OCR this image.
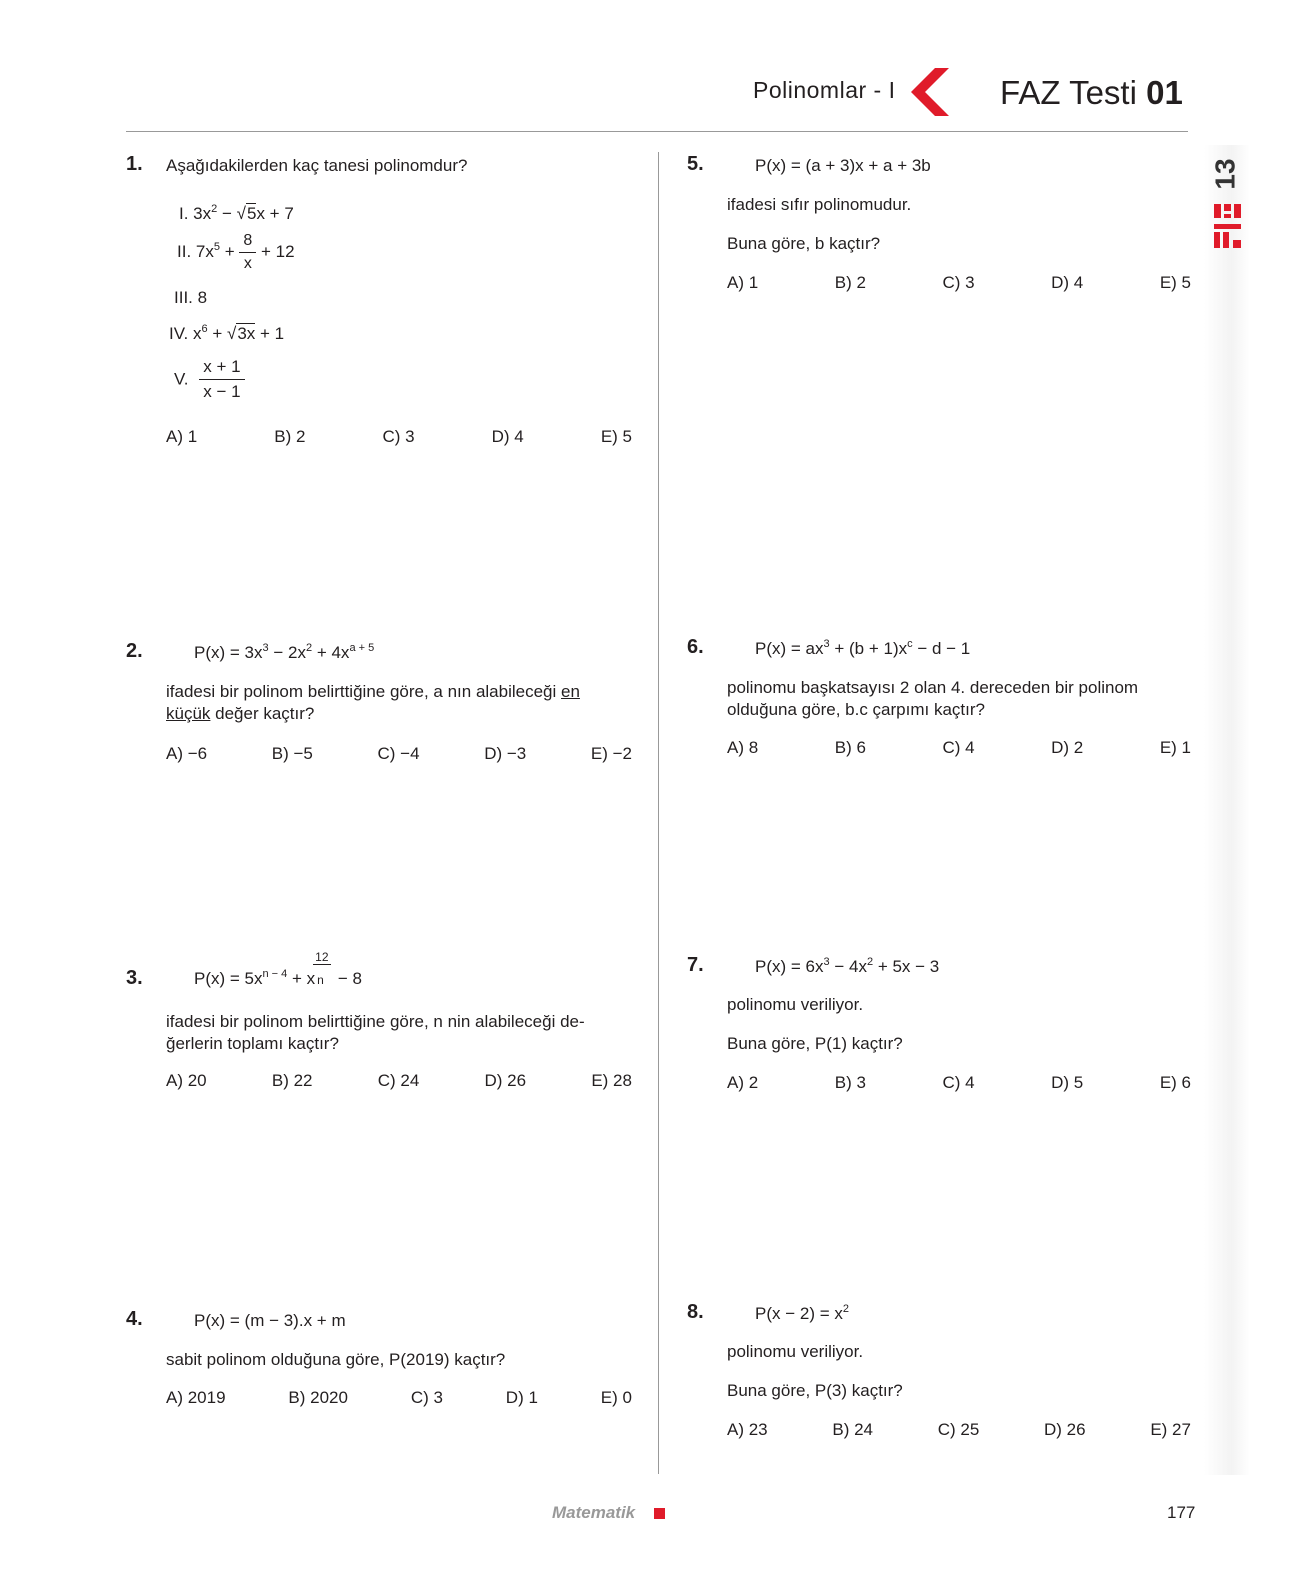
Polinomlar - I	FAZ Testi 01
13
1. Aşağıdakilerden kaç tanesi polinomdur?
I. $3x^2 - √5x + 7$
II. $7x^5 + \frac{8}{x} + 12$
III. 8
IV. $x^6 + √3x + 1$
V. $\frac{x + 1}{x - 1}$
A) 1	B) 2	C) 3	D) 4	E) 5
2.	$P(x) = 3x^3 - 2x^2 + 4x^{a + 5}$
ifadesi bir polinom belirttiğine göre, a nın alabileceği en
küçük değer kaçtır?
A) −6	B) −5	C) −4	D) −3	E) −2
3.	$P(x) = 5x^{n - 4} + x$
$\frac{12}{n}$
− 8
ifadesi bir polinom belirttiğine göre, n nin alabileceği de-
ğerlerin toplamı kaçtır?
A) 20	B) 22	C) 24	D) 26	E) 28
4.	P(x) = (m − 3).x + m
sabit polinom olduğuna göre, P(2019) kaçtır?
A) 2019	B) 2020	C) 3	D) 1	E) 0
5.	P(x) = (a + 3)x + a + 3b
ifadesi sıfır polinomudur.
Buna göre, b kaçtır?
A) 1	B) 2	C) 3	D) 4	E) 5
6.	$P(x) = ax^3 + (b + 1)x^c - d - 1$
polinomu başkatsayısı 2 olan 4. dereceden bir polinom
olduğuna göre, b.c çarpımı kaçtır?
A) 8	B) 6	C) 4	D) 2	E) 1
7.	$P(x) = 6x^3 - 4x^2 + 5x - 3$
polinomu veriliyor.
Buna göre, P(1) kaçtır?
A) 2	B) 3	C) 4	D) 5	E) 6
8.	$P(x - 2) = x^2$
polinomu veriliyor.
Buna göre, P(3) kaçtır?
A) 23	B) 24	C) 25	D) 26	E) 27
Matematik	177
